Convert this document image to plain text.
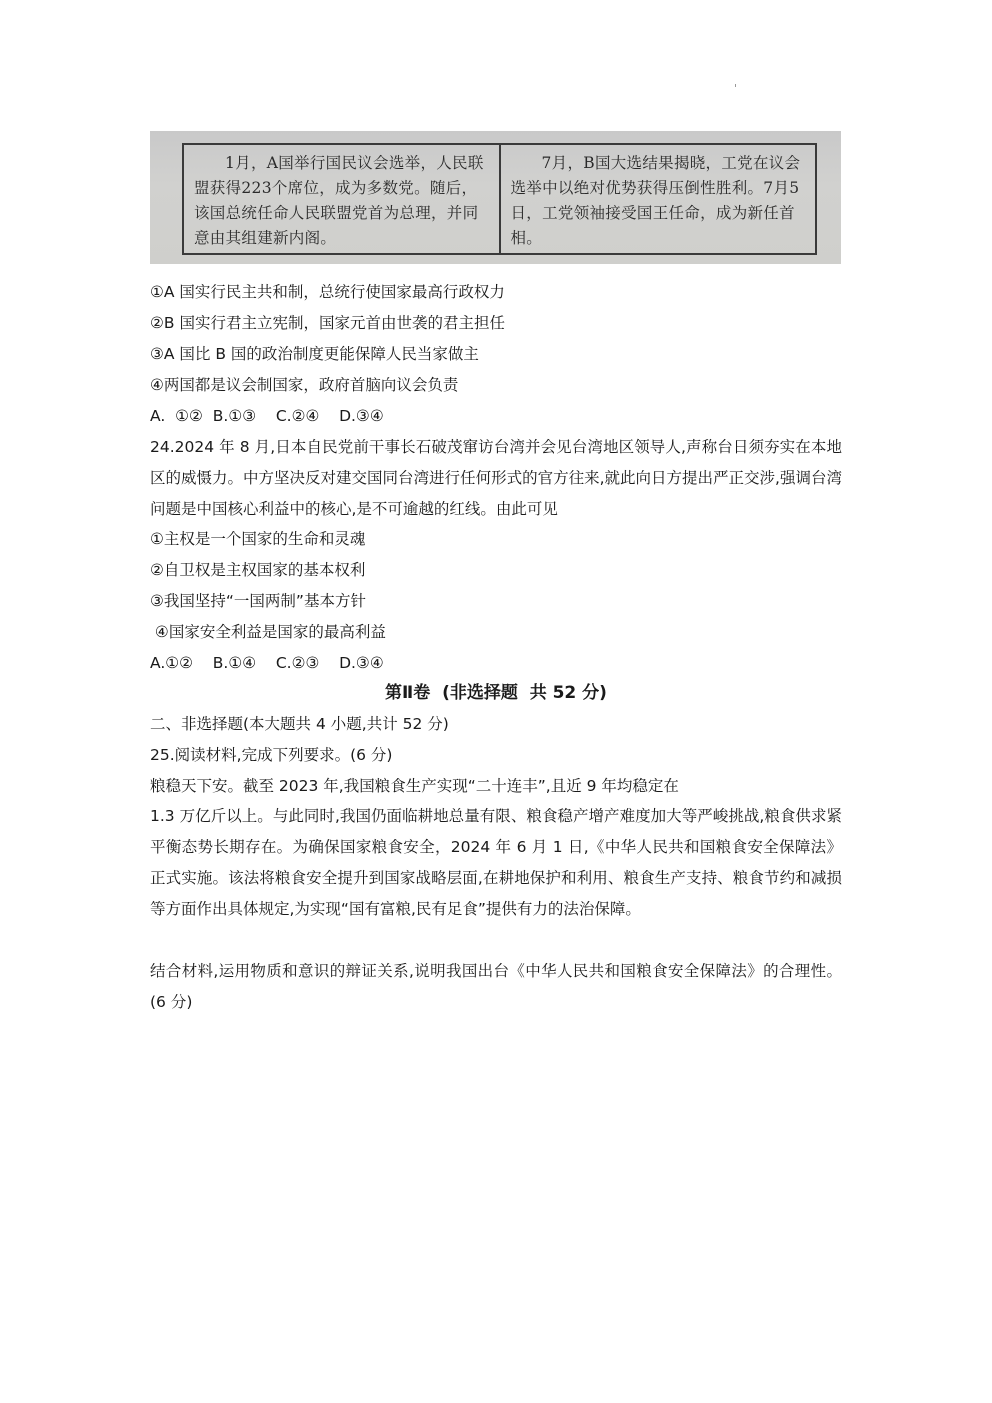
1月，A国举行国民议会选举，人民联盟获得223个席位，成为多数党。随后，该国总统任命人民联盟党首为总理，并同意由其组建新内阁。
7月，B国大选结果揭晓，工党在议会选举中以绝对优势获得压倒性胜利。7月5日，工党领袖接受国王任命，成为新任首相。
①A 国实行民主共和制，总统行使国家最高行政权力
②B 国实行君主立宪制，国家元首由世袭的君主担任
③A 国比 B 国的政治制度更能保障人民当家做主
④两国都是议会制国家，政府首脑向议会负责
A.  ①②  B.①③    C.②④    D.③④
24.2024 年 8 月,日本自民党前干事长石破茂窜访台湾并会见台湾地区领导人,声称台日须夯实在本地区的威慑力。中方坚决反对建交国同台湾进行任何形式的官方往来,就此向日方提出严正交涉,强调台湾问题是中国核心利益中的核心,是不可逾越的红线。由此可见
①主权是一个国家的生命和灵魂
②自卫权是主权国家的基本权利
③我国坚持“一国两制”基本方针
④国家安全利益是国家的最高利益
A.①②    B.①④    C.②③    D.③④
第Ⅱ卷  (非选择题  共 52 分)
二、非选择题(本大题共 4 小题,共计 52 分)
25.阅读材料,完成下列要求。(6 分)
粮稳天下安。截至 2023 年,我国粮食生产实现“二十连丰”,且近 9 年均稳定在
1.3 万亿斤以上。与此同时,我国仍面临耕地总量有限、粮食稳产增产难度加大等严峻挑战,粮食供求紧平衡态势长期存在。为确保国家粮食安全，2024 年 6 月 1 日,《中华人民共和国粮食安全保障法》正式实施。该法将粮食安全提升到国家战略层面,在耕地保护和利用、粮食生产支持、粮食节约和减损等方面作出具体规定,为实现“国有富粮,民有足食”提供有力的法治保障。
结合材料,运用物质和意识的辩证关系,说明我国出台《中华人民共和国粮食安全保障法》的合理性。(6 分)
